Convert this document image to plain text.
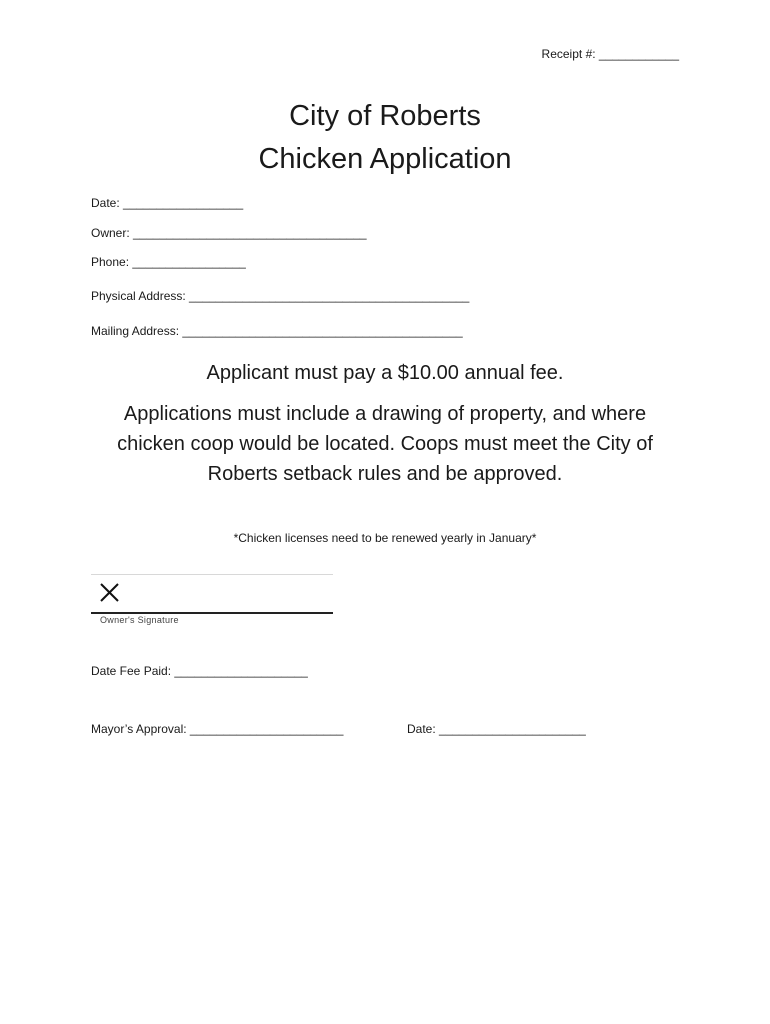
Receipt #: ____________
City of Roberts
Chicken Application
Date: __________________
Owner: ___________________________________
Phone: _________________
Physical Address: __________________________________________
Mailing Address: __________________________________________
Applicant must pay a $10.00 annual fee.
Applications must include a drawing of property, and where chicken coop would be located. Coops must meet the City of Roberts setback rules and be approved.
*Chicken licenses need to be renewed yearly in January*
Owner's Signature
Date Fee Paid: ____________________
Mayor’s Approval: _______________________	Date: ______________________
